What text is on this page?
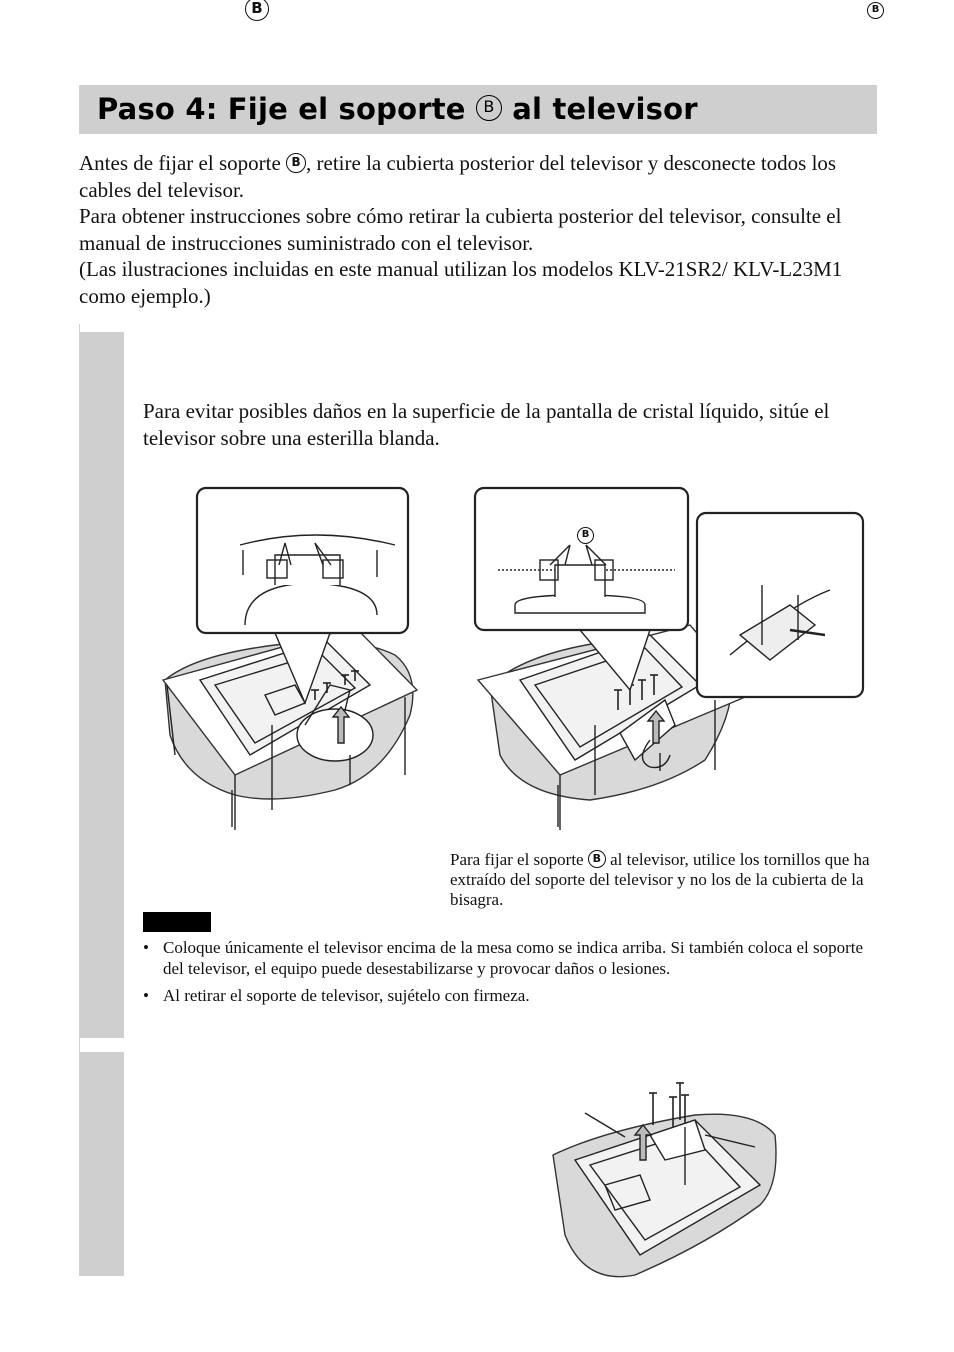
Paso 4: Fije el soporte B al televisor

Antes de fijar el soporte B , retire la cubierta posterior del televisor y desconecte todos los cables del televisor.

Para obtener instrucciones sobre cómo retirar la cubierta posterior del televisor, consulte el manual de instrucciones suministrado con el televisor.

(Las ilustraciones incluidas en este manual utilizan los modelos KLV-21SR2/ KLV-L23M1 como ejemplo.)

Para evitar posibles daños en la superficie de la pantalla de cristal líquido, sitúe el televisor sobre una esterilla blanda.
B
Para fijar el soporte B al televisor, utilice los tornillos que ha extraído del soporte del televisor y no los de la cubierta de la bisagra.
• Coloque únicamente el televisor encima de la mesa como se indica arriba. Si también coloca el soporte del televisor, el equipo puede desestabilizarse y provocar daños o lesiones.
• Al retirar el soporte de televisor, sujételo con firmeza.
B	B
